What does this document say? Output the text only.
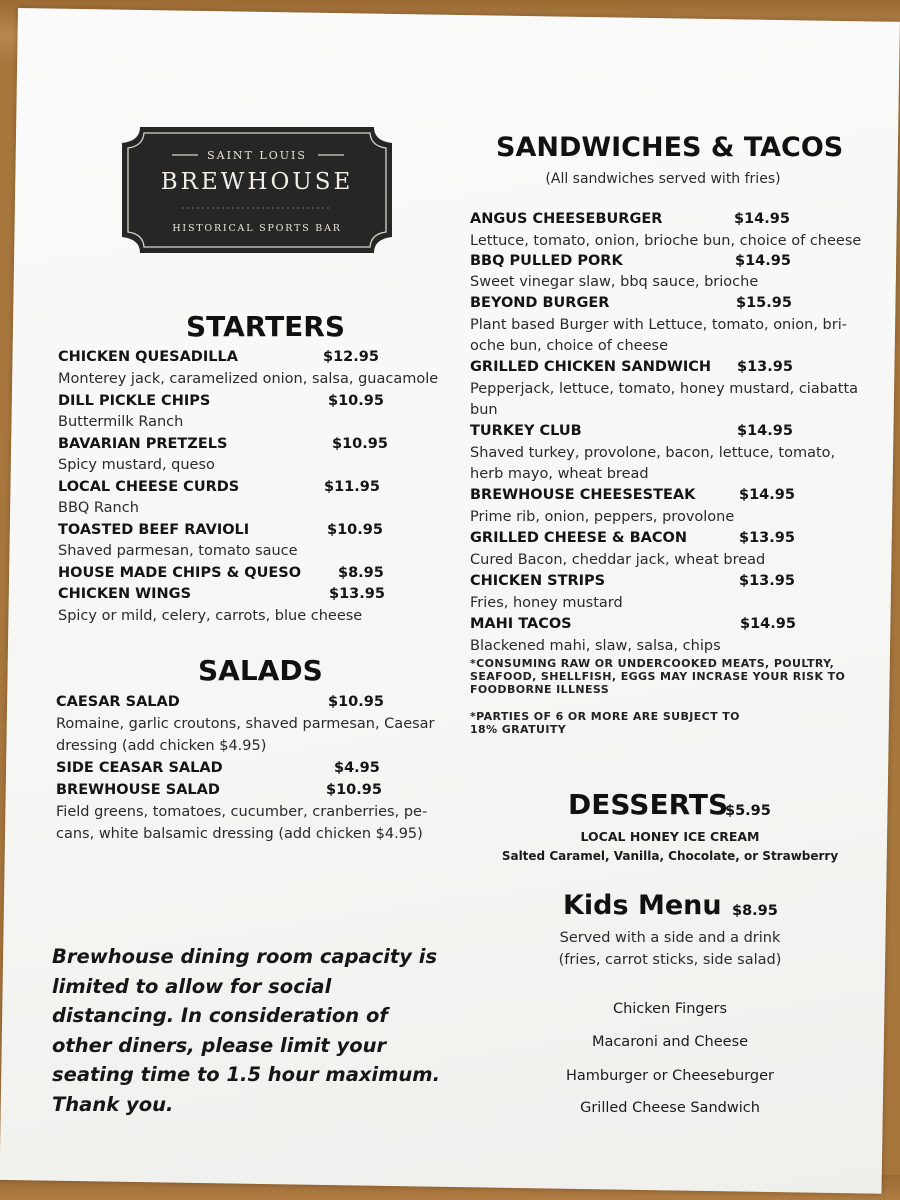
SAINT LOUIS
BREWHOUSE
HISTORICAL SPORTS BAR
STARTERS
CHICKEN QUESADILLA	$12.95
Monterey jack, caramelized onion, salsa, guacamole
DILL PICKLE CHIPS	$10.95
Buttermilk Ranch
BAVARIAN PRETZELS	$10.95
Spicy mustard, queso
LOCAL CHEESE CURDS	$11.95
BBQ Ranch
TOASTED BEEF RAVIOLI	$10.95
Shaved parmesan, tomato sauce
HOUSE MADE CHIPS & QUESO	$8.95
CHICKEN WINGS	$13.95
Spicy or mild, celery, carrots, blue cheese
SALADS
CAESAR SALAD	$10.95
Romaine, garlic croutons, shaved parmesan, Caesar
dressing (add chicken $4.95)
SIDE CEASAR SALAD	$4.95
BREWHOUSE SALAD	$10.95
Field greens, tomatoes, cucumber, cranberries, pe-
cans, white balsamic dressing (add chicken $4.95)
Brewhouse dining room capacity is limited to allow for social distancing. In consideration of other diners, please limit your seating time to 1.5 hour maximum. Thank you.
SANDWICHES & TACOS
(All sandwiches served with fries)
ANGUS CHEESEBURGER	$14.95
Lettuce, tomato, onion, brioche bun, choice of cheese
BBQ PULLED PORK	$14.95
Sweet vinegar slaw, bbq sauce, brioche
BEYOND BURGER	$15.95
Plant based Burger with Lettuce, tomato, onion, bri-
oche bun, choice of cheese
GRILLED CHICKEN SANDWICH $13.95
Pepperjack, lettuce, tomato, honey mustard, ciabatta
bun
TURKEY CLUB	$14.95
Shaved turkey, provolone, bacon, lettuce, tomato,
herb mayo, wheat bread
BREWHOUSE CHEESESTEAK	$14.95
Prime rib, onion, peppers, provolone
GRILLED CHEESE & BACON	$13.95
Cured Bacon, cheddar jack, wheat bread
CHICKEN STRIPS	$13.95
Fries, honey mustard
MAHI TACOS	$14.95
Blackened mahi, slaw, salsa, chips
*CONSUMING RAW OR UNDERCOOKED MEATS, POULTRY,
SEAFOOD, SHELLFISH, EGGS MAY INCRASE YOUR RISK TO
FOODBORNE ILLNESS
*PARTIES OF 6 OR MORE ARE SUBJECT TO
18% GRATUITY
DESSERTS
$5.95
LOCAL HONEY ICE CREAM
Salted Caramel, Vanilla, Chocolate, or Strawberry
Kids Menu $8.95
Served with a side and a drink
(fries, carrot sticks, side salad)
Chicken Fingers
Macaroni and Cheese
Hamburger or Cheeseburger
Grilled Cheese Sandwich
